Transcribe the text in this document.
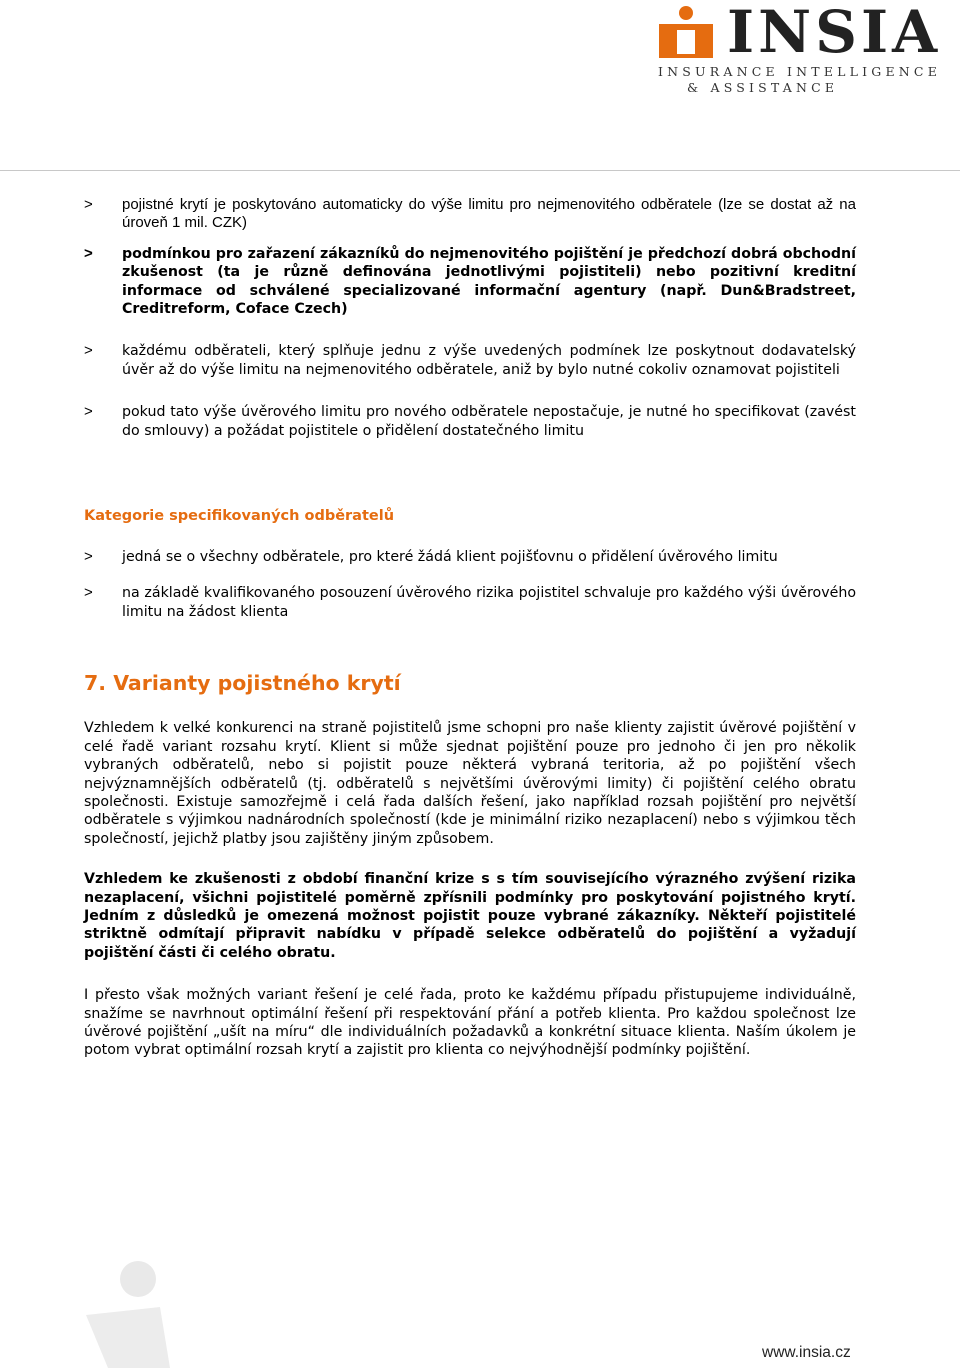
INSIA
INSURANCE INTELLIGENCE
& ASSISTANCE
> pojistné krytí je poskytováno automaticky do výše limitu pro nejmenovitého odběratele (lze se dostat až na úroveň 1 mil. CZK)
> podmínkou pro zařazení zákazníků do nejmenovitého pojištění je předchozí dobrá obchodní zkušenost (ta je různě definována jednotlivými pojistiteli) nebo pozitivní kreditní informace od schválené specializované informační agentury (např. Dun&Bradstreet, Creditreform, Coface Czech)
> každému odběrateli, který splňuje jednu z výše uvedených podmínek lze poskytnout dodavatelský úvěr až do výše limitu na nejmenovitého odběratele, aniž by bylo nutné cokoliv oznamovat pojistiteli
> pokud tato výše úvěrového limitu pro nového odběratele nepostačuje, je nutné ho specifikovat (zavést do smlouvy) a požádat pojistitele o přidělení dostatečného limitu

Kategorie specifikovaných odběratelů

> jedná se o všechny odběratele, pro které žádá klient pojišťovnu o přidělení úvěrového limitu
> na základě kvalifikovaného posouzení úvěrového rizika pojistitel schvaluje pro každého výši úvěrového limitu na žádost klienta

7. Varianty pojistného krytí

Vzhledem k velké konkurenci na straně pojistitelů jsme schopni pro naše klienty zajistit úvěrové pojištění v celé řadě variant rozsahu krytí. Klient si může sjednat pojištění pouze pro jednoho či jen pro několik vybraných odběratelů, nebo si pojistit pouze některá vybraná teritoria, až po pojištění všech nejvýznamnějších odběratelů (tj. odběratelů s největšími úvěrovými limity) či pojištění celého obratu společnosti. Existuje samozřejmě i celá řada dalších řešení, jako například rozsah pojištění pro největší odběratele s výjimkou nadnárodních společností (kde je minimální riziko nezaplacení) nebo s výjimkou těch společností, jejichž platby jsou zajištěny jiným způsobem.

Vzhledem ke zkušenosti z období finanční krize s s tím souvisejícího výrazného zvýšení rizika nezaplacení, všichni pojistitelé poměrně zpřísnili podmínky pro poskytování pojistného krytí. Jedním z důsledků je omezená možnost pojistit pouze vybrané zákazníky. Někteří pojistitelé striktně odmítají připravit nabídku v případě selekce odběratelů do pojištění a vyžadují pojištění části či celého obratu.

I přesto však možných variant řešení je celé řada, proto ke každému případu přistupujeme individuálně, snažíme se navrhnout optimální řešení při respektování přání a potřeb klienta. Pro každou společnost lze úvěrové pojištění „ušít na míru“ dle individuálních požadavků a konkrétní situace klienta. Naším úkolem je potom vybrat optimální rozsah krytí a zajistit pro klienta co nejvýhodnější podmínky pojištění.

www.insia.cz
